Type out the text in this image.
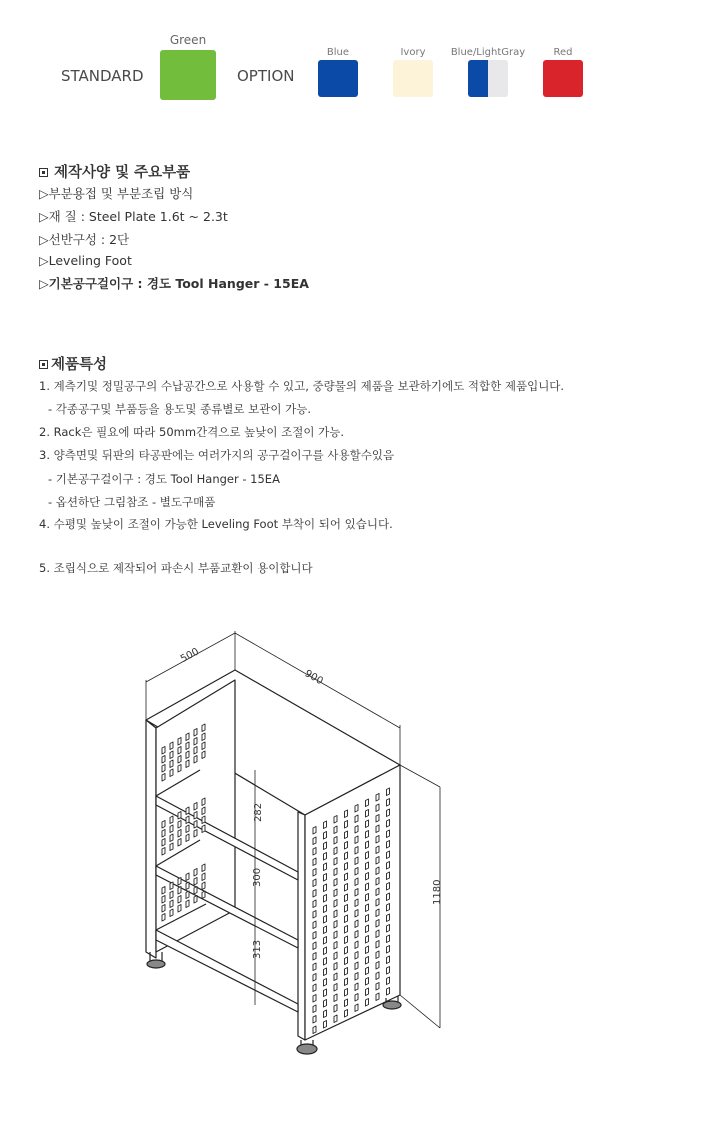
STANDARD
Green
OPTION
Blue	Ivory	Blue/LightGray	Red
제작사양 및 주요부품
▷부분용접 및 부분조립 방식
▷재 질 : Steel Plate 1.6t ~ 2.3t
▷선반구성 : 2단
▷Leveling Foot
▷기본공구걸이구 : 경도 Tool Hanger - 15EA
제품특성
1. 계측기및 정밀공구의 수납공간으로 사용할 수 있고, 중량물의 제품을 보관하기에도 적합한 제품입니다.
- 각종공구및 부품등을 용도및 종류별로 보관이 가능.
2. Rack은 필요에 따라 50mm간격으로 높낮이 조절이 가능.
3. 양측면및 뒤판의 타공판에는 여러가지의 공구걸이구를 사용할수있음
- 기본공구걸이구 : 경도 Tool Hanger - 15EA
- 옵션하단 그림참조 - 별도구매품
4. 수평및 높낮이 조절이 가능한 Leveling Foot 부착이 되어 있습니다.
5. 조립식으로 제작되어 파손시 부품교환이 용이합니다
500
900
282
300
313
1180
